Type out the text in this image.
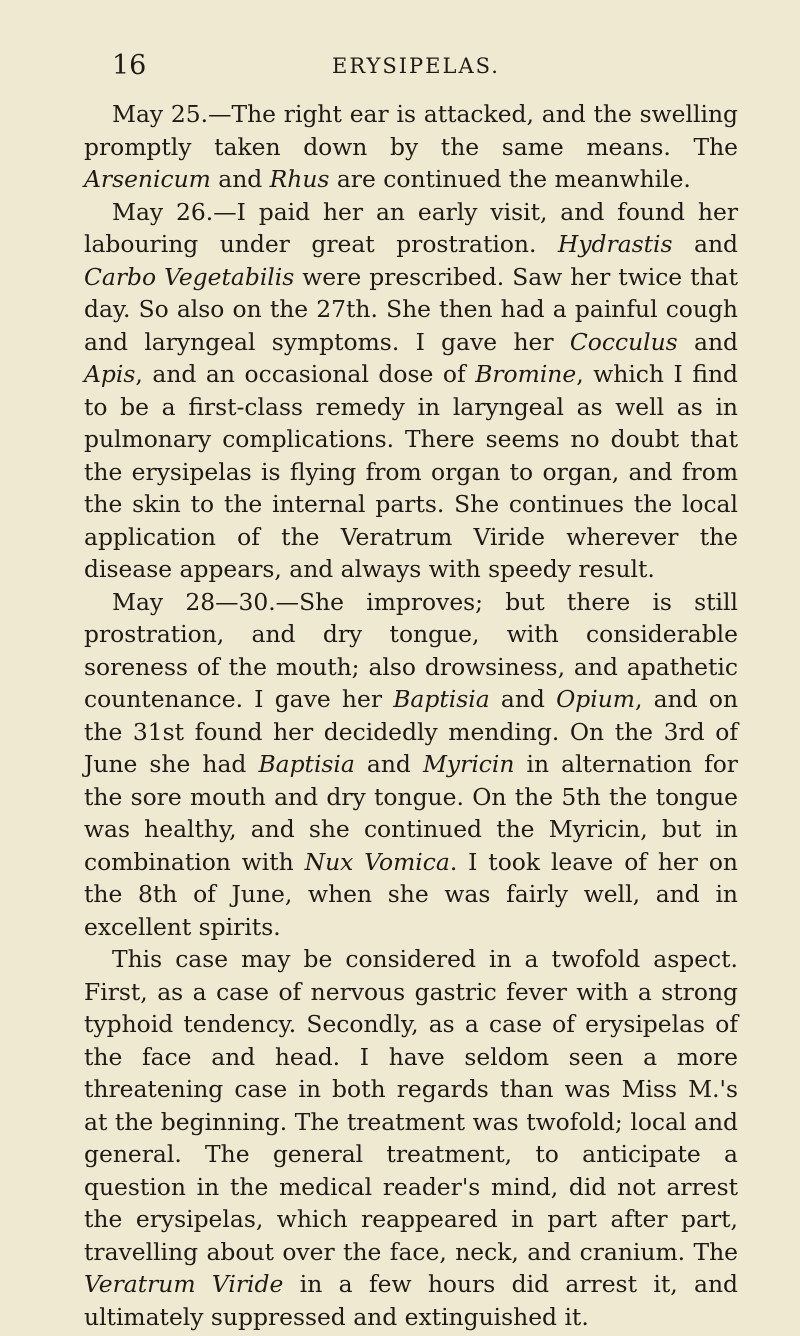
16	ERYSIPELAS.

May 25.—The right ear is attacked, and the swelling promptly taken down by the same means. The Arsenicum and Rhus are continued the meanwhile.

May 26.—I paid her an early visit, and found her labouring under great prostration. Hydrastis and Carbo Vegetabilis were prescribed. Saw her twice that day. So also on the 27th. She then had a painful cough and laryngeal symptoms. I gave her Cocculus and Apis, and an occasional dose of Bromine, which I find to be a first-class remedy in laryngeal as well as in pulmonary complications. There seems no doubt that the erysipelas is flying from organ to organ, and from the skin to the internal parts. She continues the local application of the Veratrum Viride wherever the disease appears, and always with speedy result.

May 28—30.—She improves; but there is still prostration, and dry tongue, with considerable soreness of the mouth; also drowsiness, and apathetic countenance. I gave her Baptisia and Opium, and on the 31st found her decidedly mending. On the 3rd of June she had Baptisia and Myricin in alternation for the sore mouth and dry tongue. On the 5th the tongue was healthy, and she continued the Myricin, but in combination with Nux Vomica. I took leave of her on the 8th of June, when she was fairly well, and in excellent spirits.

This case may be considered in a twofold aspect. First, as a case of nervous gastric fever with a strong typhoid tendency. Secondly, as a case of erysipelas of the face and head. I have seldom seen a more threatening case in both regards than was Miss M.'s at the beginning. The treatment was twofold; local and general. The general treatment, to anticipate a question in the medical reader's mind, did not arrest the erysipelas, which reappeared in part after part, travelling about over the face, neck, and cranium. The Veratrum Viride in a few hours did arrest it, and ultimately suppressed and extinguished it.
